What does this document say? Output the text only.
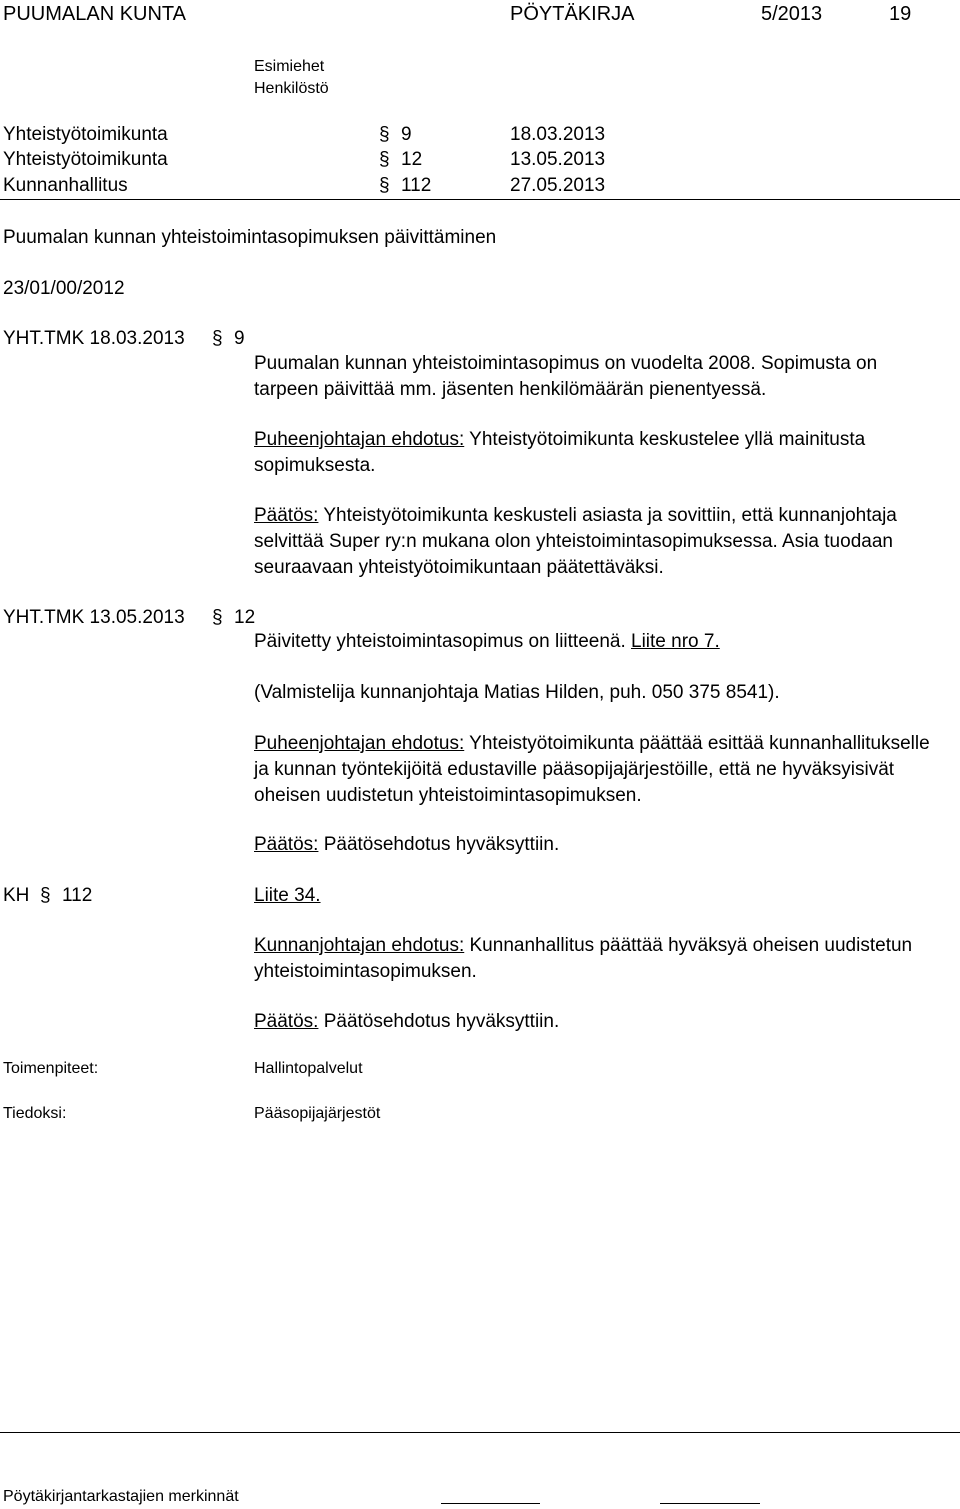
PUUMALAN KUNTA	PÖYTÄKIRJA	5/2013	19
Esimiehet
Henkilöstö
Yhteistyötoimikunta	§ 9	18.03.2013
Yhteistyötoimikunta	§ 12	13.05.2013
Kunnanhallitus	§ 112	27.05.2013
Puumalan kunnan yhteistoimintasopimuksen päivittäminen
23/01/00/2012
YHT.TMK 18.03.2013 § 9
Puumalan kunnan yhteistoimintasopimus on vuodelta 2008. Sopimusta on tarpeen päivittää mm. jäsenten henkilömäärän pienentyessä.
Puheenjohtajan ehdotus: Yhteistyötoimikunta keskustelee yllä mainitusta sopimuksesta.
Päätös: Yhteistyötoimikunta keskusteli asiasta ja sovittiin, että kunnanjohtaja selvittää Super ry:n mukana olon yhteistoimintasopimuksessa. Asia tuodaan seuraavaan yhteistyötoimikuntaan päätettäväksi.
YHT.TMK 13.05.2013 § 12
Päivitetty yhteistoimintasopimus on liitteenä. Liite nro 7.
(Valmistelija kunnanjohtaja Matias Hilden, puh. 050 375 8541).
Puheenjohtajan ehdotus: Yhteistyötoimikunta päättää esittää kunnanhallitukselle ja kunnan työntekijöitä edustaville pääsopijajärjestöille, että ne hyväksyisivät oheisen uudistetun yhteistoimintasopimuksen.
Päätös: Päätösehdotus hyväksyttiin.
KH § 112	Liite 34.
Kunnanjohtajan ehdotus: Kunnanhallitus päättää hyväksyä oheisen uudistetun yhteistoimintasopimuksen.
Päätös: Päätösehdotus hyväksyttiin.
Toimenpiteet:	Hallintopalvelut
Tiedoksi:	Pääsopijajärjestöt
Pöytäkirjantarkastajien merkinnät
